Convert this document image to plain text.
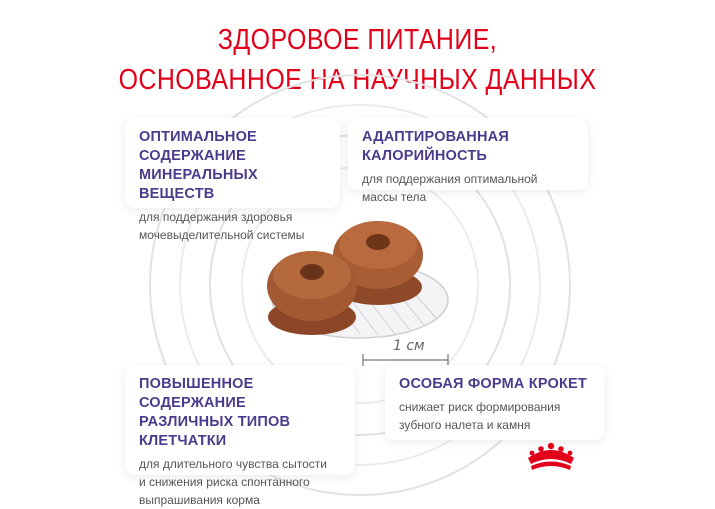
ЗДОРОВОЕ ПИТАНИЕ,
ОСНОВАННОЕ НА НАУЧНЫХ ДАННЫХ
1 см
ОПТИМАЛЬНОЕ СОДЕРЖАНИЕ
МИНЕРАЛЬНЫХ ВЕЩЕСТВ
для поддержания здоровья
мочевыделительной системы
АДАПТИРОВАННАЯ КАЛОРИЙНОСТЬ
для поддержания оптимальной
массы тела
ПОВЫШЕННОЕ СОДЕРЖАНИЕ
РАЗЛИЧНЫХ ТИПОВ КЛЕТЧАТКИ
для длительного чувства сытости
и снижения риска спонтанного
выпрашивания корма
ОСОБАЯ ФОРМА КРОКЕТ
снижает риск формирования
зубного налета и камня
